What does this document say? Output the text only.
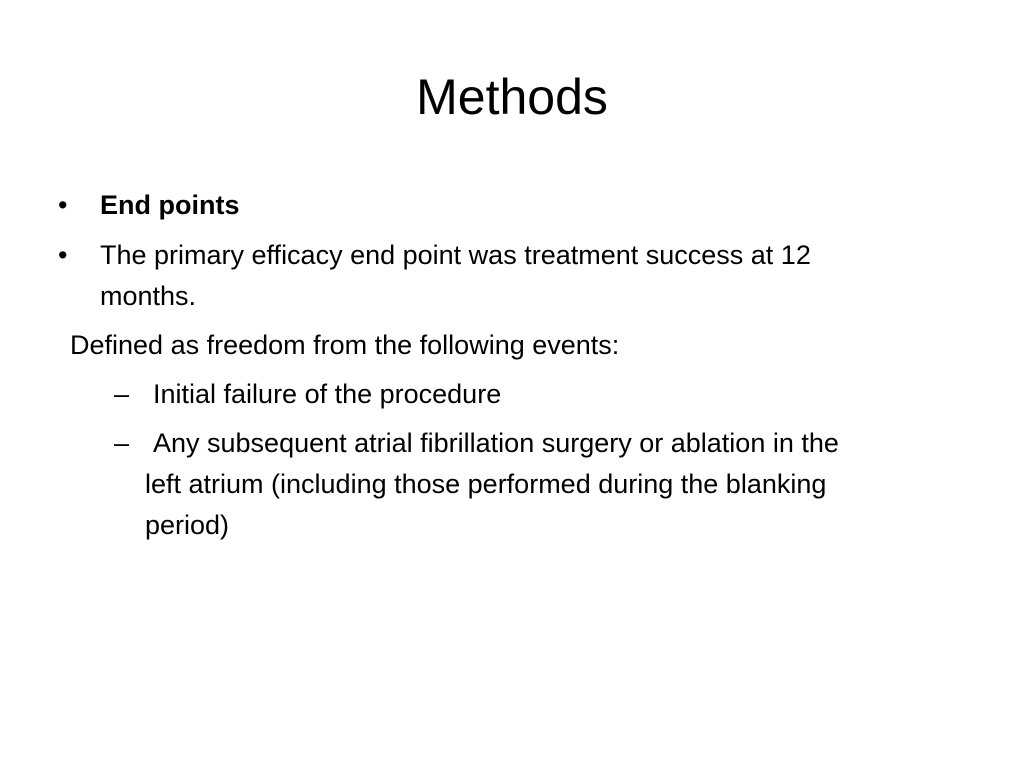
Methods
• End points
• The primary efficacy end point was treatment success at 12
months.
Defined as freedom from the following events:
– Initial failure of the procedure
– Any subsequent atrial fibrillation surgery or ablation in the
left atrium (including those performed during the blanking
period)
